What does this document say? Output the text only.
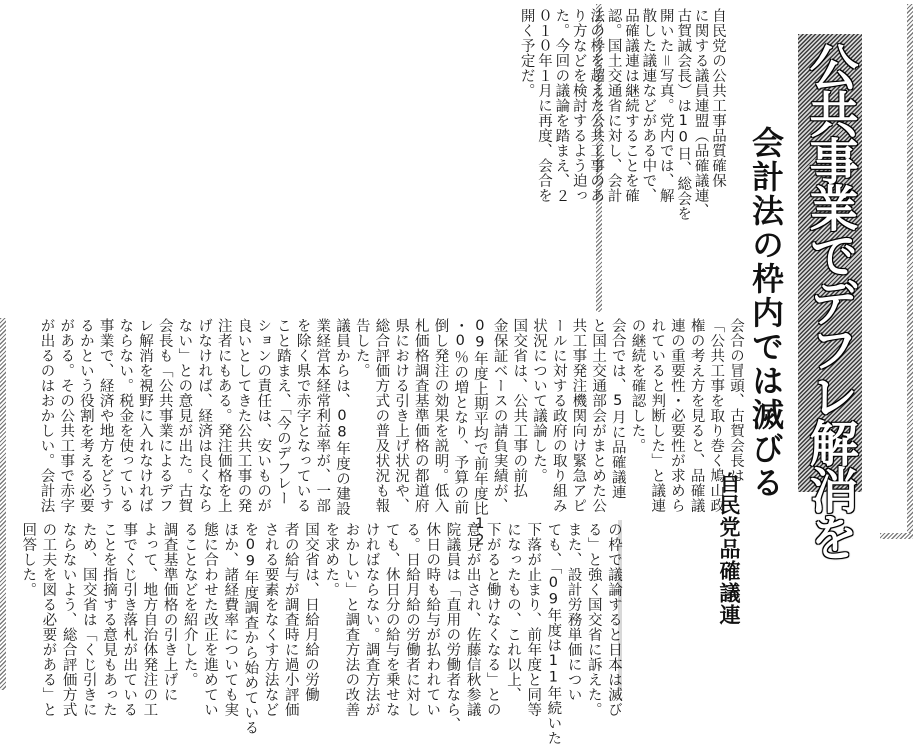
公共事業でデフレ解消を
会計法の枠内では滅びる
自民党品確議連
自民党の公共工事品質確保
に関する議員連盟（品確議連、
古賀誠会長）は10日、総会を
開いた＝写真。党内では、解
散した議連などがある中で、
品確議連は継続することを確
認。国土交通省に対し、会計
法の枠を超えた公共工事のあ
り方などを検討するよう迫っ
た。今回の議論を踏まえ、２
０１０年１月に再度、会合を
開く予定だ。
会合の冒頭、古賀会長は
「公共工事を取り巻く鳩山政
権の考え方を見ると、品確議
連の重要性・必要性が求めら
れていると判断した」と議連
の継続を確認した。
会合では、5月に品確議連
と国土交通部会がまとめた公
共工事発注機関向け緊急アピ
ールに対する政府の取り組み
状況について議論した。
国交省は、公共工事の前払
金保証ベースの請負実績が、
09年度上期平均で前年度比12
・0％の増となり、予算の前
倒し発注の効果を説明。低入
札価格調査基準価格の都道府
県における引き上げ状況や、
総合評価方式の普及状況も報
告した。
議員からは、08年度の建設
業経営本経常利益率が、一部
を除く県で赤字となっている
こと踏まえ、「今のデフレー
ションの責任は、安いものが
良いとしてきた公共工事の発
注者にもある。発注価格を上
げなければ、経済は良くなら
ない」との意見が出た。古賀
会長も「公共事業によるデフ
レ解消を視野に入れなければ
ならない。税金を使っている
事業で、経済や地方をどうす
るかという役割を考える必要
がある。その公共工事で赤字
が出るのはおかしい。会計法
の枠で議論すると日本は滅び
る」と強く国交省に訴えた。
また、設計労務単価につい
ても、「09年度は11年続いた
下落が止まり、前年度と同等
になったもの、これ以上、
下がると働けなくなる」との
意見が出され、佐藤信秋参議
院議員は「直用の労働者なら、
休日の時も給与が払われてい
る。日給月給の労働者に対し
ても、休日分の給与を乗せな
ければならない。調査方法が
おかしい」と調査方法の改善
を求めた。
国交省は、日給月給の労働
者の給与が調査時に過小評価
される要素をなくす方法など
を09年度調査から始めている
ほか、諸経費率についても実
態に合わせた改正を進めてい
ることなどを紹介した。
調査基準価格の引き上げに
よって、地方自治体発注の工
事でくじ引き落札が出ている
ことを指摘する意見もあった
ため、国交省は「くじ引きに
ならないよう、総合評価方式
の工夫を図る必要がある」と
回答した。
